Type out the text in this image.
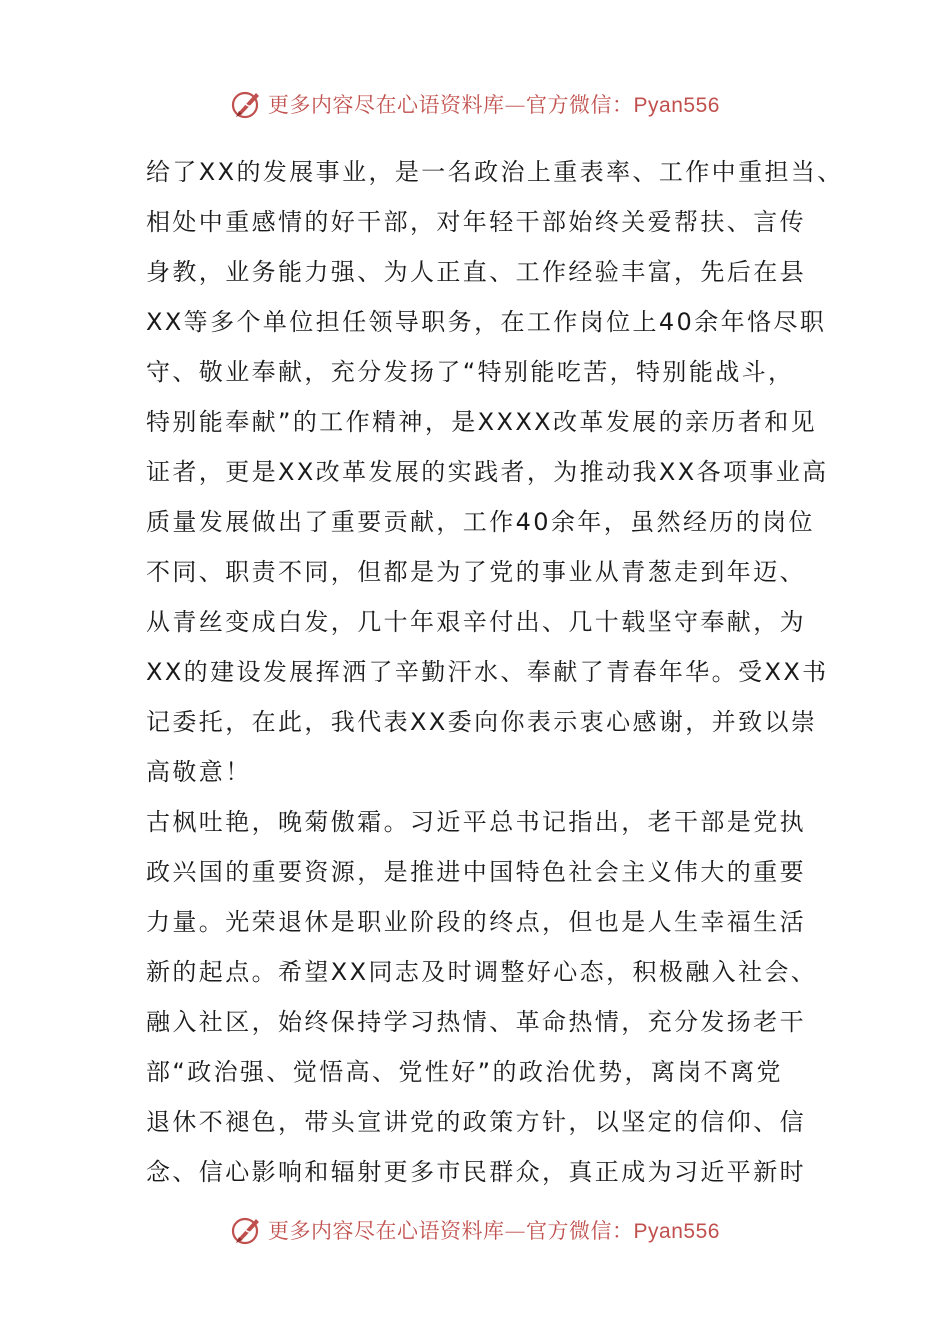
更多内容尽在心语资料库—官方微信：Pyan556
给了XX的发展事业，是一名政治上重表率、工作中重担当、
相处中重感情的好干部，对年轻干部始终关爱帮扶、言传
身教，业务能力强、为人正直、工作经验丰富，先后在县
XX等多个单位担任领导职务，在工作岗位上40余年恪尽职
守、敬业奉献，充分发扬了“特别能吃苦，特别能战斗，
特别能奉献”的工作精神，是XXXX改革发展的亲历者和见
证者，更是XX改革发展的实践者，为推动我XX各项事业高
质量发展做出了重要贡献，工作40余年，虽然经历的岗位
不同、职责不同，但都是为了党的事业从青葱走到年迈、
从青丝变成白发，几十年艰辛付出、几十载坚守奉献，为
XX的建设发展挥洒了辛勤汗水、奉献了青春年华。受XX书
记委托，在此，我代表XX委向你表示衷心感谢，并致以崇
高敬意！
古枫吐艳，晚菊傲霜。习近平总书记指出，老干部是党执
政兴国的重要资源，是推进中国特色社会主义伟大的重要
力量。光荣退休是职业阶段的终点，但也是人生幸福生活
新的起点。希望XX同志及时调整好心态，积极融入社会、
融入社区，始终保持学习热情、革命热情，充分发扬老干
部“政治强、觉悟高、党性好”的政治优势，离岗不离党
退休不褪色，带头宣讲党的政策方针，以坚定的信仰、信
念、信心影响和辐射更多市民群众，真正成为习近平新时
更多内容尽在心语资料库—官方微信：Pyan556
